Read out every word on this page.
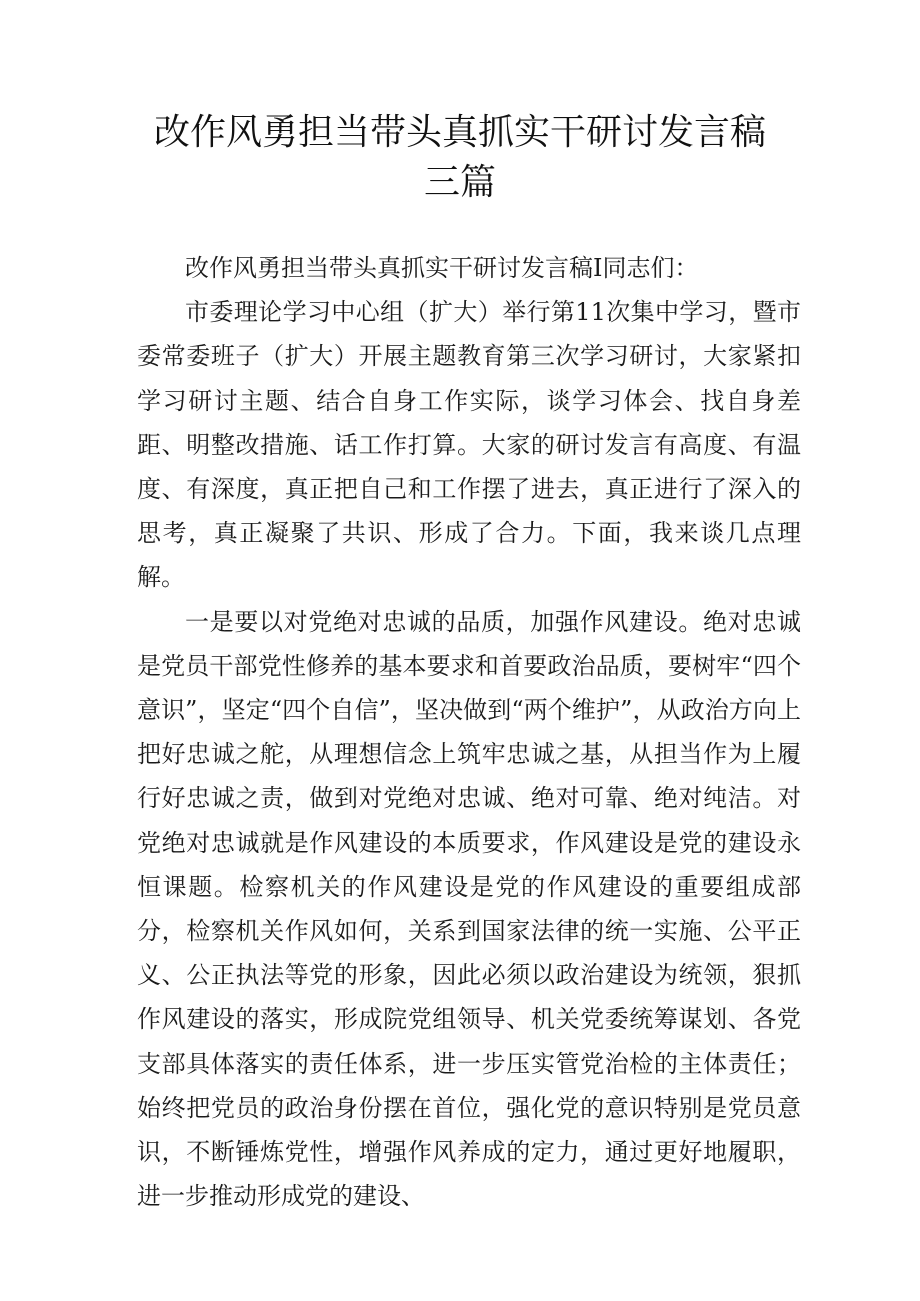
改作风勇担当带头真抓实干研讨发言稿三篇

改作风勇担当带头真抓实干研讨发言稿Ⅰ同志们：

市委理论学习中心组（扩大）举行第11次集中学习，暨市委常委班子（扩大）开展主题教育第三次学习研讨，大家紧扣学习研讨主题、结合自身工作实际，谈学习体会、找自身差距、明整改措施、话工作打算。大家的研讨发言有高度、有温度、有深度，真正把自己和工作摆了进去，真正进行了深入的思考，真正凝聚了共识、形成了合力。下面，我来谈几点理解。

一是要以对党绝对忠诚的品质，加强作风建设。绝对忠诚是党员干部党性修养的基本要求和首要政治品质，要树牢“四个意识”，坚定“四个自信”，坚决做到“两个维护”，从政治方向上把好忠诚之舵，从理想信念上筑牢忠诚之基，从担当作为上履行好忠诚之责，做到对党绝对忠诚、绝对可靠、绝对纯洁。对党绝对忠诚就是作风建设的本质要求，作风建设是党的建设永恒课题。检察机关的作风建设是党的作风建设的重要组成部分，检察机关作风如何，关系到国家法律的统一实施、公平正义、公正执法等党的形象，因此必须以政治建设为统领，狠抓作风建设的落实，形成院党组领导、机关党委统筹谋划、各党支部具体落实的责任体系，进一步压实管党治检的主体责任；始终把党员的政治身份摆在首位，强化党的意识特别是党员意识，不断锤炼党性，增强作风养成的定力，通过更好地履职，进一步推动形成党的建设、
